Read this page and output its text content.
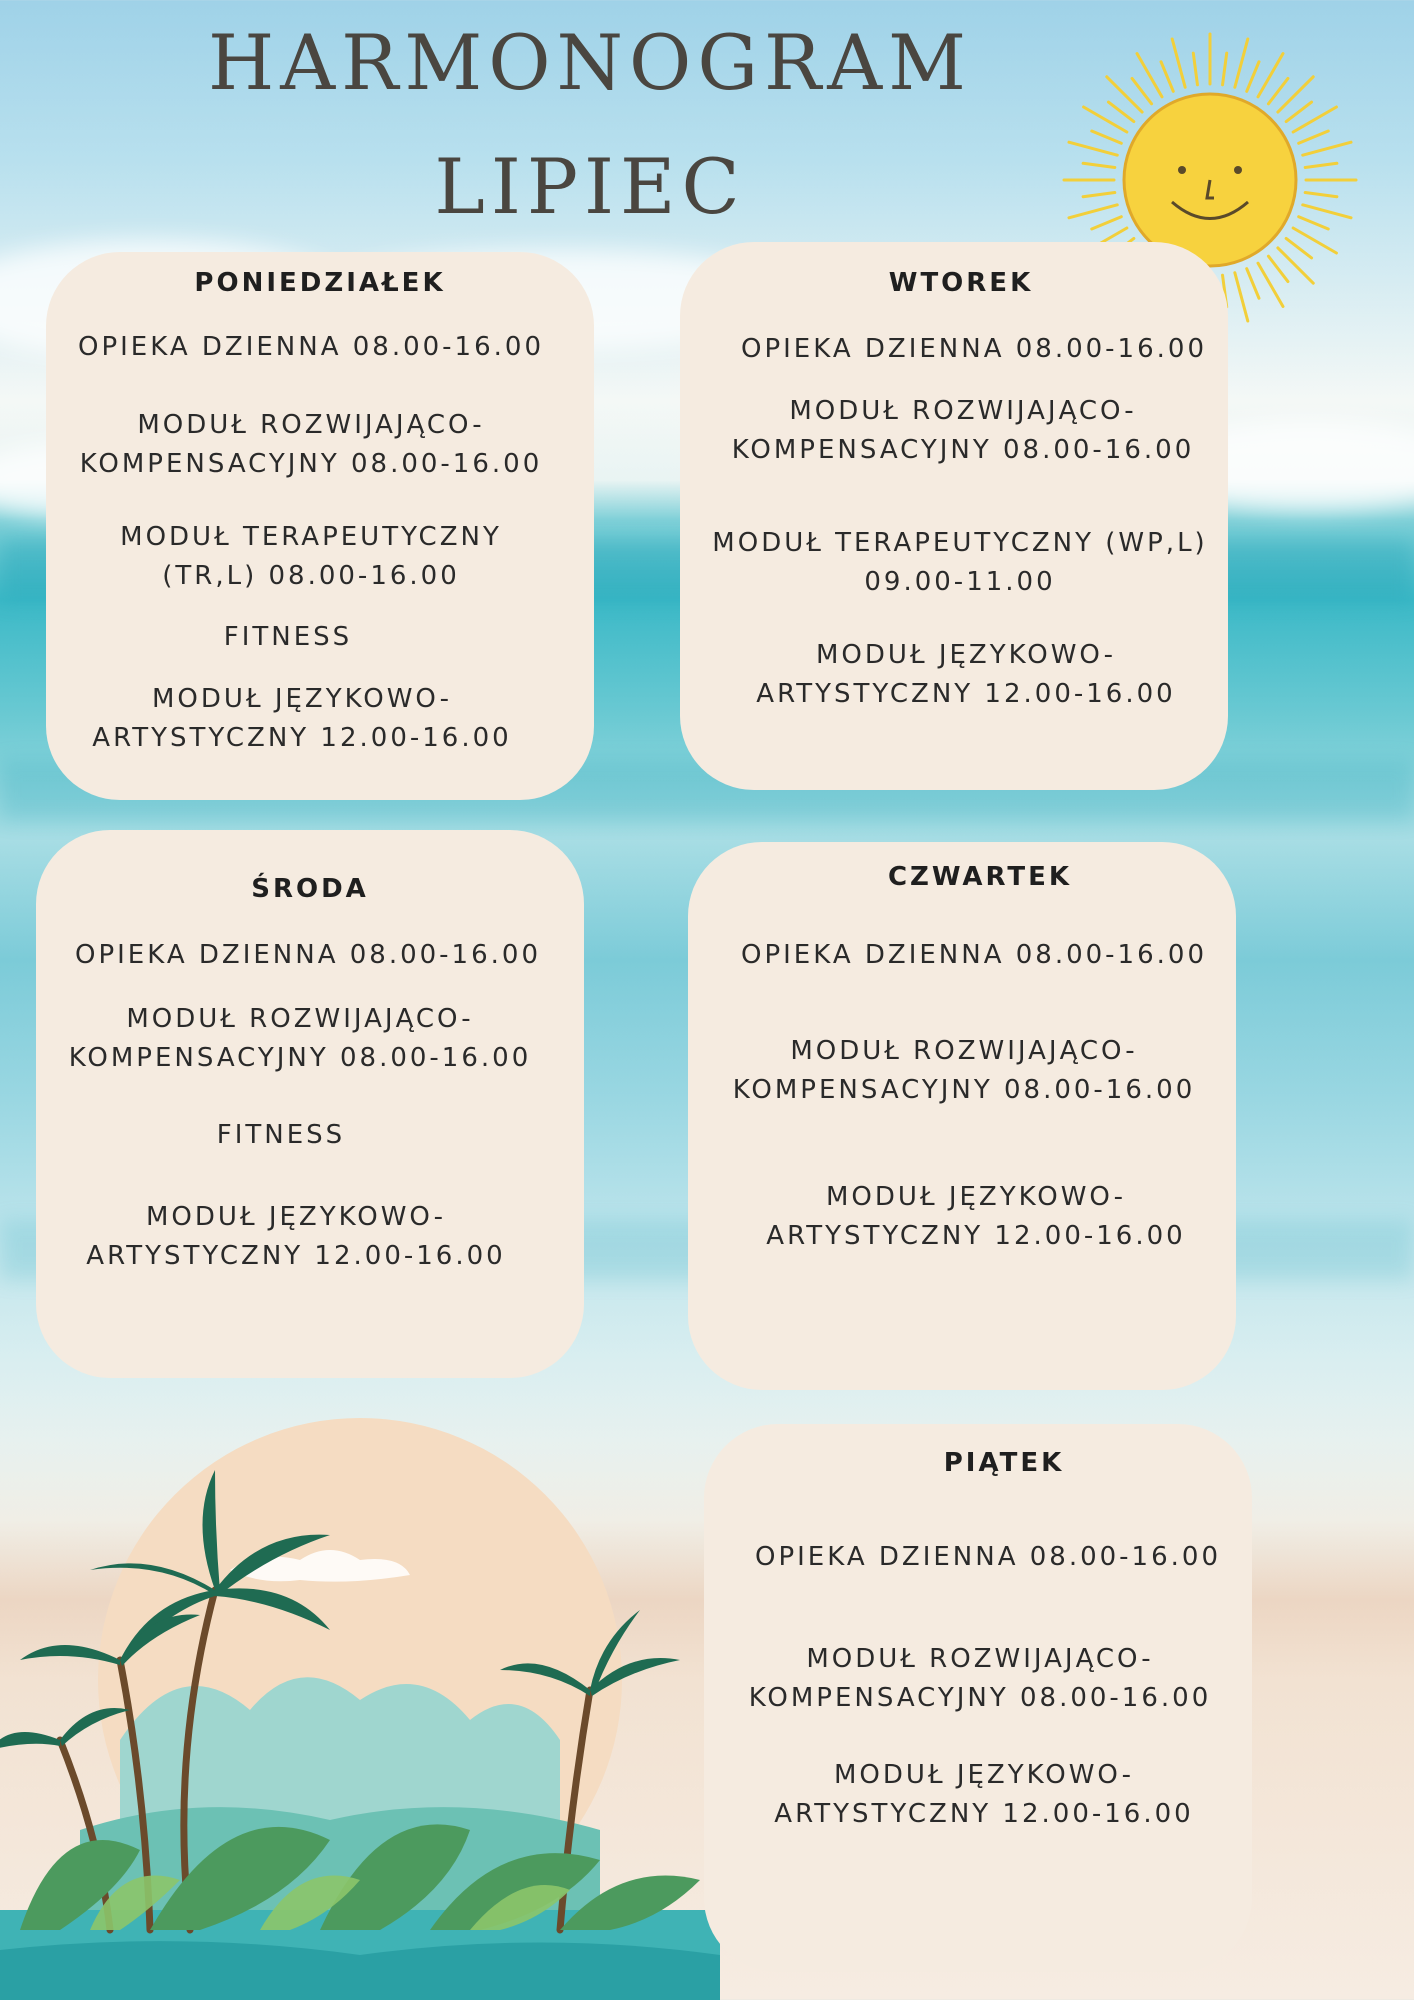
HARMONOGRAM
LIPIEC
PONIEDZIAŁEK
OPIEKA DZIENNA 08.00-16.00
MODUŁ ROZWIJAJĄCO-
KOMPENSACYJNY 08.00-16.00
MODUŁ TERAPEUTYCZNY
(TR,L) 08.00-16.00
FITNESS
MODUŁ JĘZYKOWO-
ARTYSTYCZNY 12.00-16.00
WTOREK
OPIEKA DZIENNA 08.00-16.00
MODUŁ ROZWIJAJĄCO-
KOMPENSACYJNY 08.00-16.00
MODUŁ TERAPEUTYCZNY (WP,L)
09.00-11.00
MODUŁ JĘZYKOWO-
ARTYSTYCZNY 12.00-16.00
ŚRODA
OPIEKA DZIENNA 08.00-16.00
MODUŁ ROZWIJAJĄCO-
KOMPENSACYJNY 08.00-16.00
FITNESS
MODUŁ JĘZYKOWO-
ARTYSTYCZNY 12.00-16.00
CZWARTEK
OPIEKA DZIENNA 08.00-16.00
MODUŁ ROZWIJAJĄCO-
KOMPENSACYJNY 08.00-16.00
MODUŁ JĘZYKOWO-
ARTYSTYCZNY 12.00-16.00
PIĄTEK
OPIEKA DZIENNA 08.00-16.00
MODUŁ ROZWIJAJĄCO-
KOMPENSACYJNY 08.00-16.00
MODUŁ JĘZYKOWO-
ARTYSTYCZNY 12.00-16.00
